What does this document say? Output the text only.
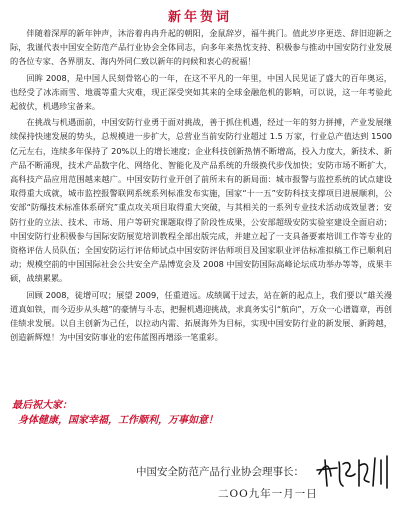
新年贺词

伴随着深厚的新年钟声，沐浴着冉冉升起的朝阳，金鼠辞岁，福牛挑门。值此岁序更迭、辞旧迎新之际，我谨代表中国安全防范产品行业协会全体同志，向多年来热忱支持、积极参与推动中国安防行业发展的各位专家、各界朋友、海内外同仁致以新年的问候和衷心的祝福！

回眸 2008，是中国人民刻骨铭心的一年，在这不平凡的一年里，中国人民见证了盛大的百年奥运，也经受了冰冻雨雪、地震等重大灾难，现正深受突如其来的全球金融危机的影响，可以说，这一年考验此起彼伏，机遇珍宝备来。

在挑战与机遇面前，中国安防行业勇于面对挑战，善于抓住机遇，经过一年的努力拼搏，产业发展继续保持快速发展的势头，总规模进一步扩大，总营业当前安防行业超过 1.5 万家，行业总产值达到 1500 亿元左右，连续多年保持了 20%以上的增长速度；企业科技创新热情不断增高，投入力度大，新技术、新产品不断涌现，技术产品数字化、网络化、智能化及产品系统的升级换代步伐加快；安防市场不断扩大，高科技产品应用范围越来越广。中国安防行业开创了前所未有的新局面：城市报警与监控系统的试点建设取得重大成就，城市监控报警联网系统系列标准发布实施，国家“十一五”安防科技支撑项目进展顺利，公安部“防爆技术标准体系研究”重点攻关项目取得重大突破，与其相关的一系列专业技术活动成效显著；安防行业的立法、技术、市场、用户等研究课题取得了阶段性成果，公安部超级安防实验室建设全面启动；中国安防行业积极参与国际安防展览培训教程全部出版完成，并建立起了一支具备要素培训工作等专业的资格评估人员队伍；全国安防运行评估师试点中国安防评估师项目及国家职业评估标准拟稿工作已顺利启动；规模空前的中国国际社会公共安全产品博览会及 2008 中国安防国际高峰论坛成功举办等等，成果丰硕，战绩累累。

回顾 2008，徒增可叹；展望 2009，任重道远。成绩属于过去，站在新的起点上，我们要以“雄关漫道真如铁，而今迈步从头越”的豪情与斗志，把握机遇迎挑战，求真务实引“航向”，万众一心谱篇章，再创佳绩求发展。以自主创新为己任，以拉动内需、拓展海外为目标，实现中国安防行业的新发展、新跨越，创造新辉煌！为中国安防事业的宏伟蓝图再增添一笔重彩。

最后祝大家：
身体健康，国家幸福，工作顺利，万事如意！
中国安全防范产品行业协会理事长：
二OO九年一月一日
